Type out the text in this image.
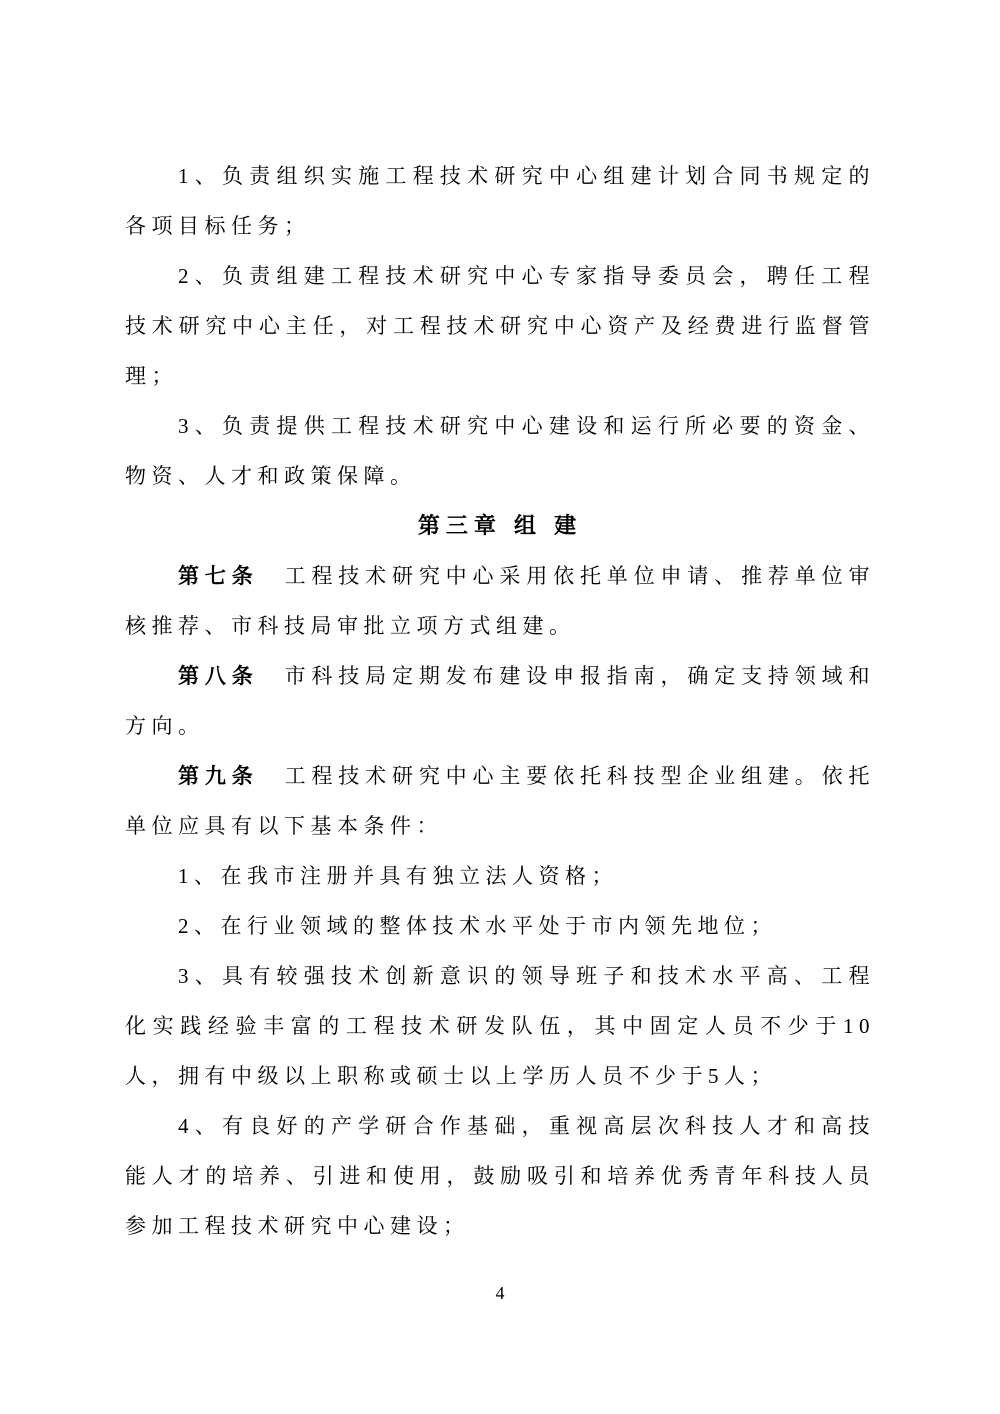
1、负责组织实施工程技术研究中心组建计划合同书规定的各项目标任务；

2、负责组建工程技术研究中心专家指导委员会，聘任工程技术研究中心主任，对工程技术研究中心资产及经费进行监督管理；

3、负责提供工程技术研究中心建设和运行所必要的资金、物资、人才和政策保障。

第三章 组 建

第七条 工程技术研究中心采用依托单位申请、推荐单位审核推荐、市科技局审批立项方式组建。

第八条 市科技局定期发布建设申报指南，确定支持领域和方向。

第九条 工程技术研究中心主要依托科技型企业组建。依托单位应具有以下基本条件：

1、在我市注册并具有独立法人资格；

2、在行业领域的整体技术水平处于市内领先地位；

3、具有较强技术创新意识的领导班子和技术水平高、工程化实践经验丰富的工程技术研发队伍，其中固定人员不少于10人，拥有中级以上职称或硕士以上学历人员不少于5人；

4、有良好的产学研合作基础，重视高层次科技人才和高技能人才的培养、引进和使用，鼓励吸引和培养优秀青年科技人员参加工程技术研究中心建设；

4
